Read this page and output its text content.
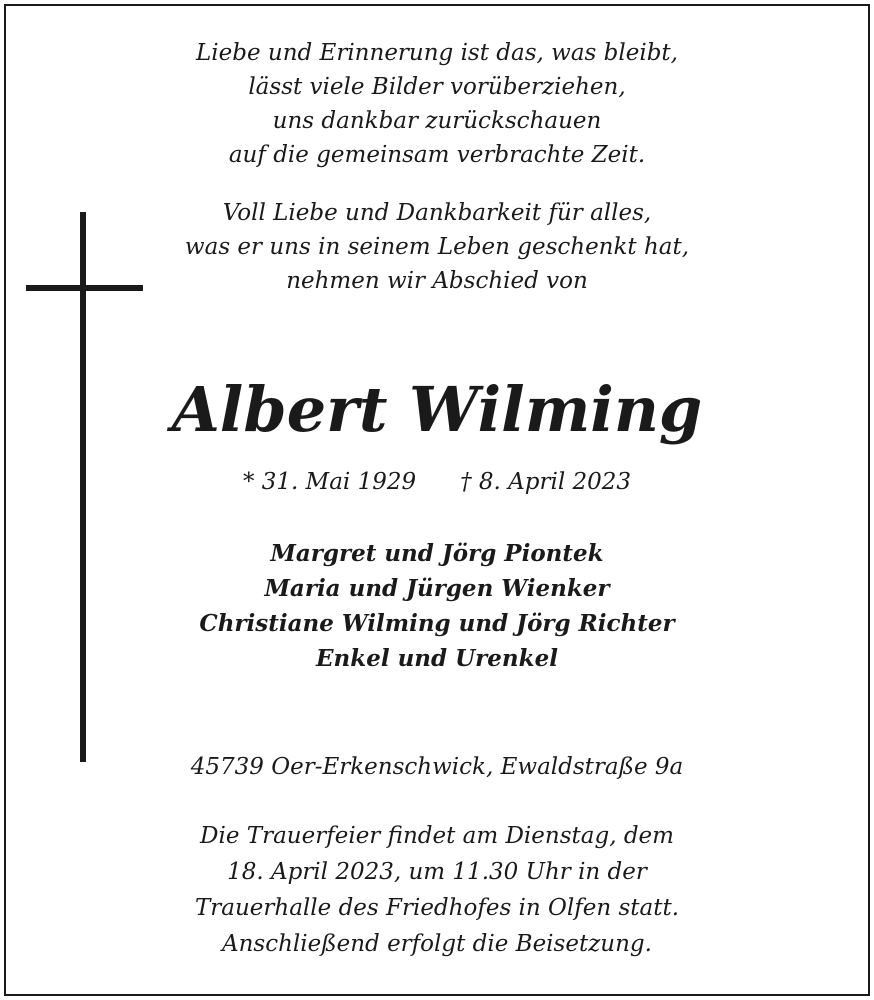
Liebe und Erinnerung ist das, was bleibt,
lässt viele Bilder vorüberziehen,
uns dankbar zurückschauen
auf die gemeinsam verbrachte Zeit.
Voll Liebe und Dankbarkeit für alles,
was er uns in seinem Leben geschenkt hat,
nehmen wir Abschied von
Albert Wilming
* 31. Mai 1929 † 8. April 2023
Margret und Jörg Piontek
Maria und Jürgen Wienker
Christiane Wilming und Jörg Richter
Enkel und Urenkel
45739 Oer-Erkenschwick, Ewaldstraße 9a
Die Trauerfeier findet am Dienstag, dem
18. April 2023, um 11.30 Uhr in der
Trauerhalle des Friedhofes in Olfen statt.
Anschließend erfolgt die Beisetzung.
